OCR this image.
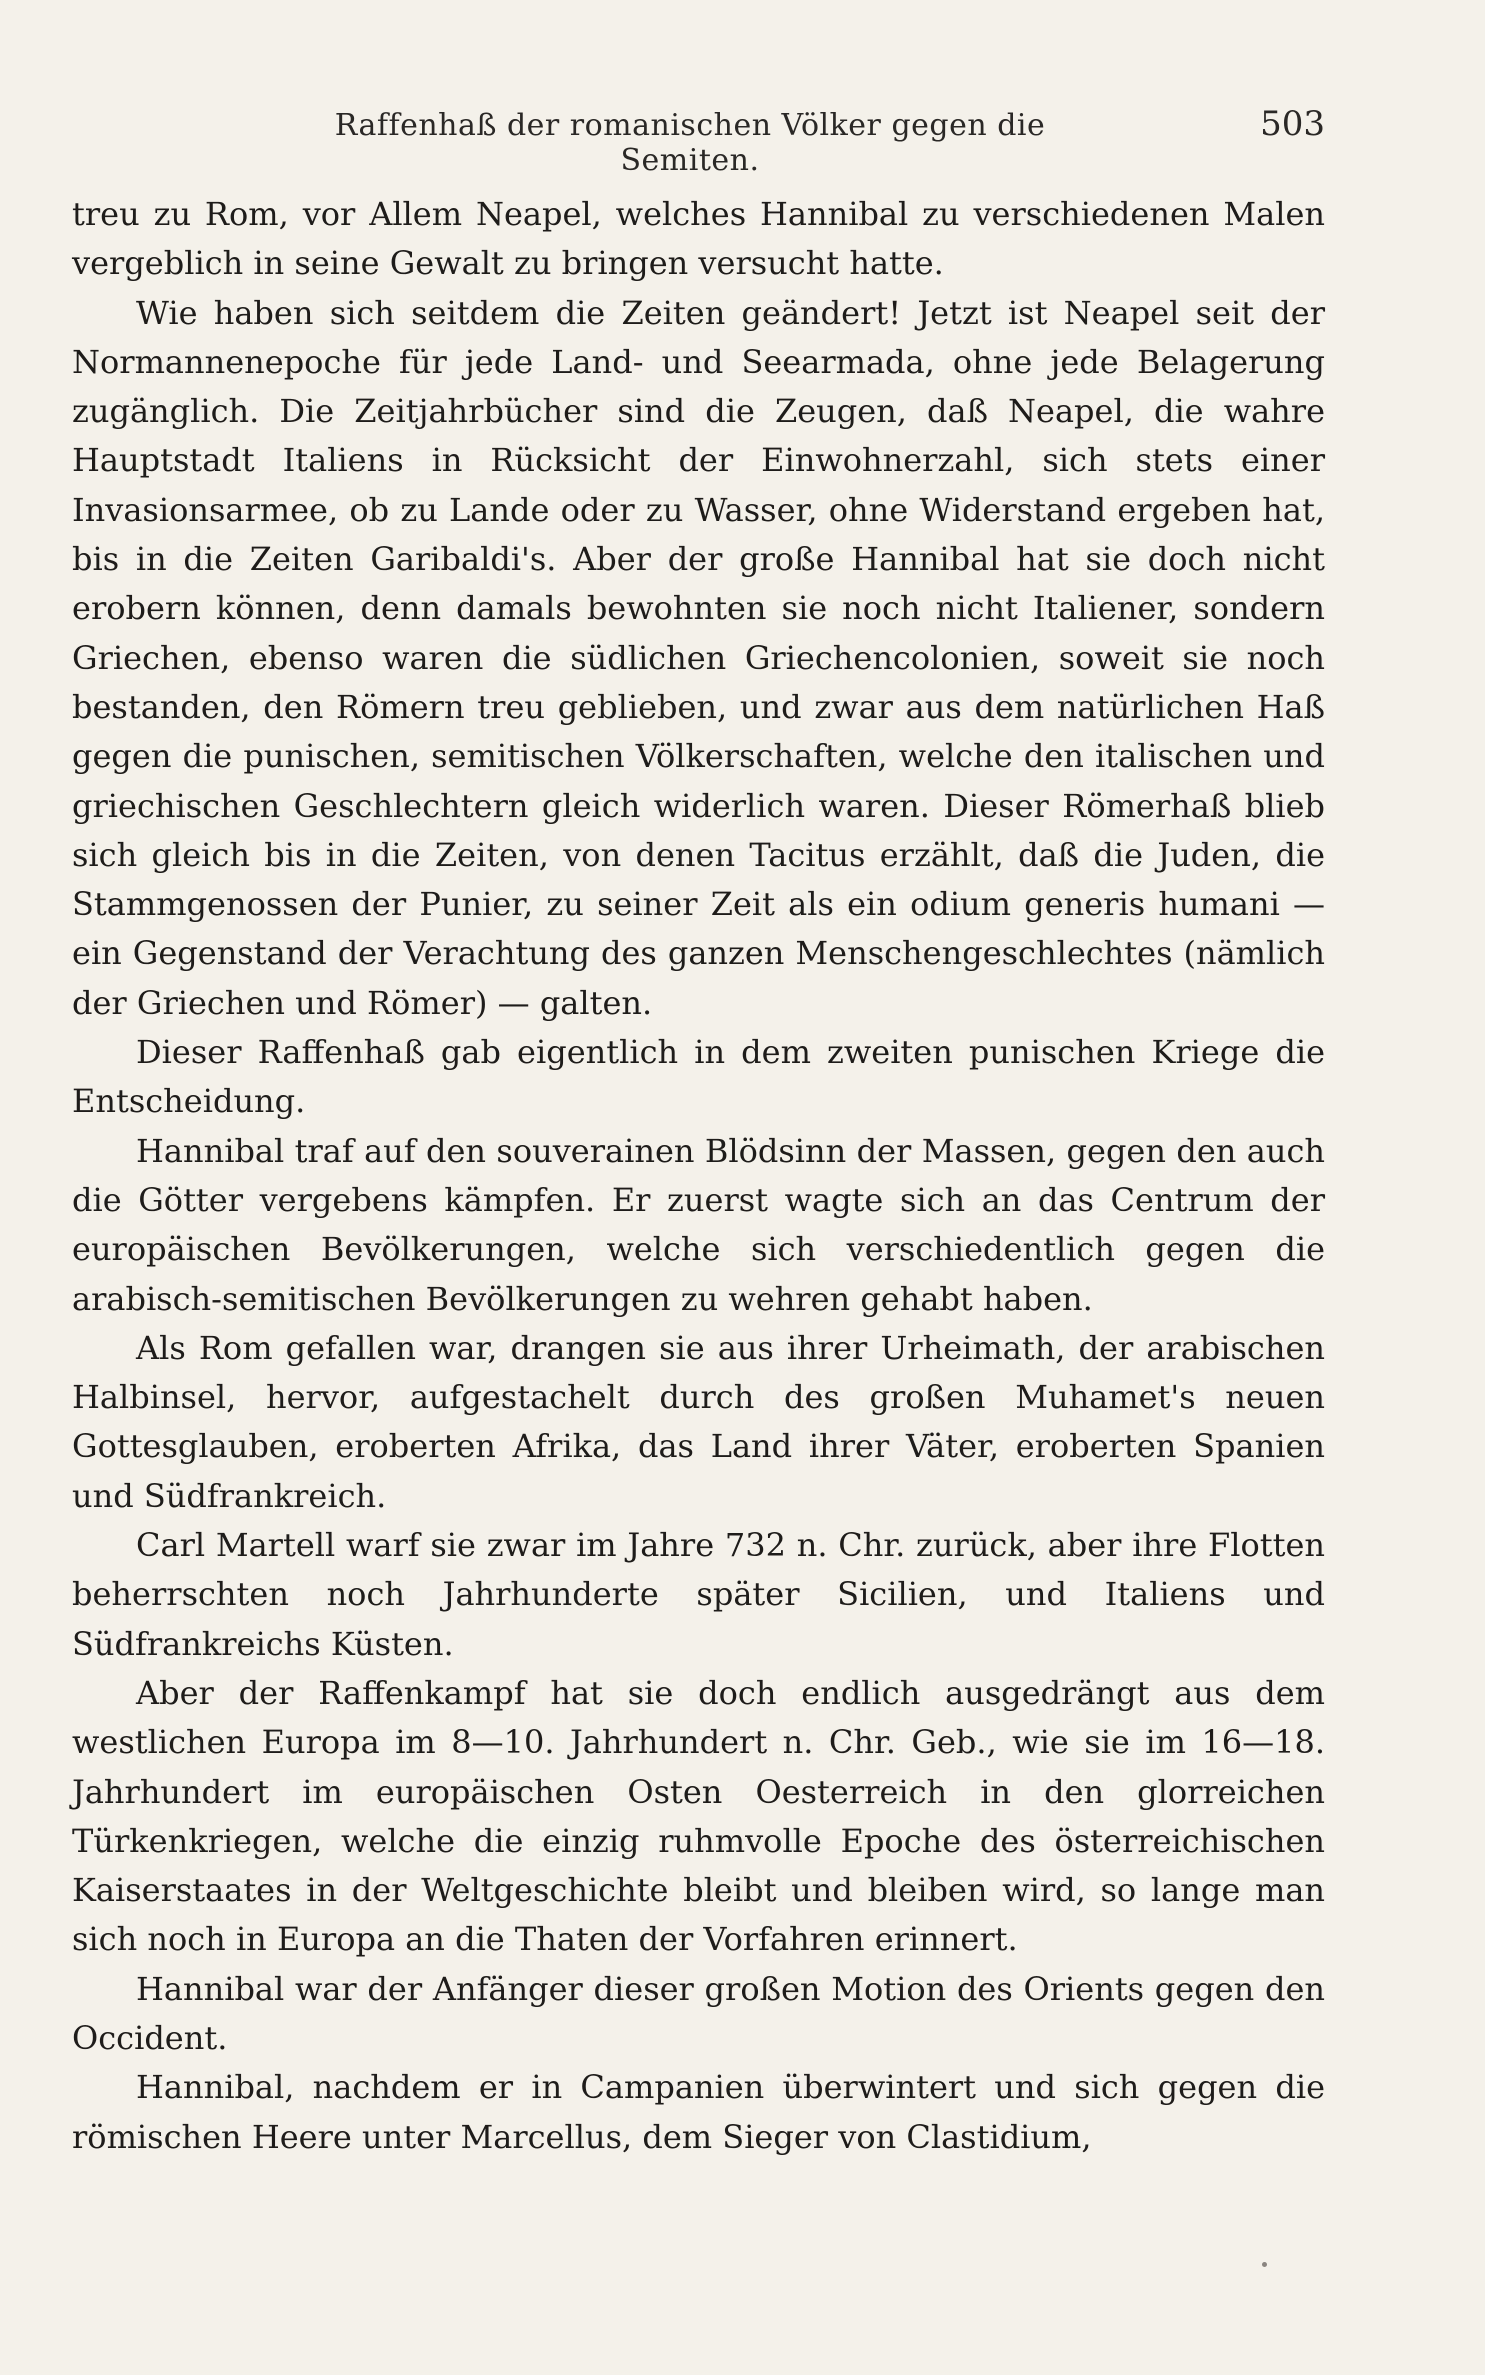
Raffenhaß der romanischen Völker gegen die Semiten.
503

treu zu Rom, vor Allem Neapel, welches Hannibal zu verschiedenen Malen vergeblich in seine Gewalt zu bringen versucht hatte.

Wie haben sich seitdem die Zeiten geändert! Jetzt ist Neapel seit der Normannenepoche für jede Land- und Seearmada, ohne jede Belagerung zugänglich. Die Zeitjahrbücher sind die Zeugen, daß Neapel, die wahre Hauptstadt Italiens in Rücksicht der Einwohnerzahl, sich stets einer Invasionsarmee, ob zu Lande oder zu Wasser, ohne Widerstand ergeben hat, bis in die Zeiten Garibaldi's. Aber der große Hannibal hat sie doch nicht erobern können, denn damals bewohnten sie noch nicht Italiener, sondern Griechen, ebenso waren die südlichen Griechencolonien, soweit sie noch bestanden, den Römern treu geblieben, und zwar aus dem natürlichen Haß gegen die punischen, semitischen Völkerschaften, welche den italischen und griechischen Geschlechtern gleich widerlich waren. Dieser Römerhaß blieb sich gleich bis in die Zeiten, von denen Tacitus erzählt, daß die Juden, die Stammgenossen der Punier, zu seiner Zeit als ein odium generis humani — ein Gegenstand der Verachtung des ganzen Menschengeschlechtes (nämlich der Griechen und Römer) — galten.

Dieser Raffenhaß gab eigentlich in dem zweiten punischen Kriege die Entscheidung.

Hannibal traf auf den souverainen Blödsinn der Massen, gegen den auch die Götter vergebens kämpfen. Er zuerst wagte sich an das Centrum der europäischen Bevölkerungen, welche sich verschiedentlich gegen die arabisch-semitischen Bevölkerungen zu wehren gehabt haben.

Als Rom gefallen war, drangen sie aus ihrer Urheimath, der arabischen Halbinsel, hervor, aufgestachelt durch des großen Muhamet's neuen Gottesglauben, eroberten Afrika, das Land ihrer Väter, eroberten Spanien und Südfrankreich.

Carl Martell warf sie zwar im Jahre 732 n. Chr. zurück, aber ihre Flotten beherrschten noch Jahrhunderte später Sicilien, und Italiens und Südfrankreichs Küsten.

Aber der Raffenkampf hat sie doch endlich ausgedrängt aus dem westlichen Europa im 8—10. Jahrhundert n. Chr. Geb., wie sie im 16—18. Jahrhundert im europäischen Osten Oesterreich in den glorreichen Türkenkriegen, welche die einzig ruhmvolle Epoche des österreichischen Kaiserstaates in der Weltgeschichte bleibt und bleiben wird, so lange man sich noch in Europa an die Thaten der Vorfahren erinnert.

Hannibal war der Anfänger dieser großen Motion des Orients gegen den Occident.

Hannibal, nachdem er in Campanien überwintert und sich gegen die römischen Heere unter Marcellus, dem Sieger von Clastidium,
